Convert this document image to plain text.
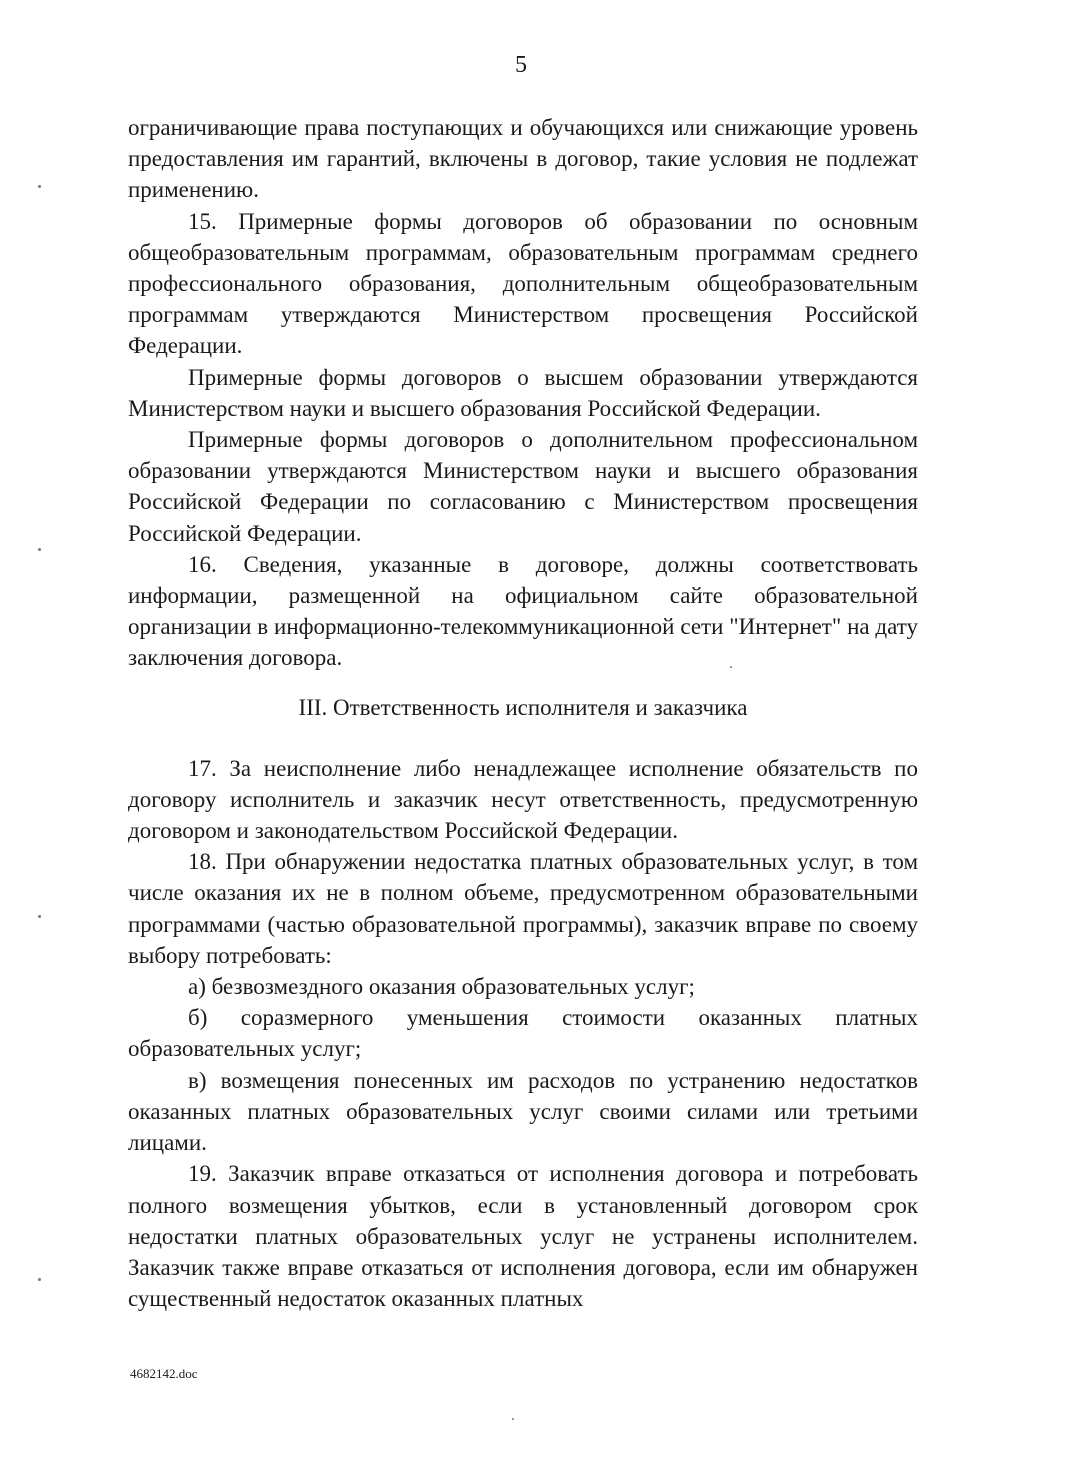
5

ограничивающие права поступающих и обучающихся или снижающие уровень предоставления им гарантий, включены в договор, такие условия не подлежат применению.

15. Примерные формы договоров об образовании по основным общеобразовательным программам, образовательным программам среднего профессионального образования, дополнительным общеобразовательным программам утверждаются Министерством просвещения Российской Федерации.

Примерные формы договоров о высшем образовании утверждаются Министерством науки и высшего образования Российской Федерации.

Примерные формы договоров о дополнительном профессиональном образовании утверждаются Министерством науки и высшего образования Российской Федерации по согласованию с Министерством просвещения Российской Федерации.

16. Сведения, указанные в договоре, должны соответствовать информации, размещенной на официальном сайте образовательной организации в информационно-телекоммуникационной сети "Интернет" на дату заключения договора.

III. Ответственность исполнителя и заказчика

17. За неисполнение либо ненадлежащее исполнение обязательств по договору исполнитель и заказчик несут ответственность, предусмотренную договором и законодательством Российской Федерации.

18. При обнаружении недостатка платных образовательных услуг, в том числе оказания их не в полном объеме, предусмотренном образовательными программами (частью образовательной программы), заказчик вправе по своему выбору потребовать:

а) безвозмездного оказания образовательных услуг;

б) соразмерного уменьшения стоимости оказанных платных образовательных услуг;

в) возмещения понесенных им расходов по устранению недостатков оказанных платных образовательных услуг своими силами или третьими лицами.

19. Заказчик вправе отказаться от исполнения договора и потребовать полного возмещения убытков, если в установленный договором срок недостатки платных образовательных услуг не устранены исполнителем. Заказчик также вправе отказаться от исполнения договора, если им обнаружен существенный недостаток оказанных платных

4682142.doc
